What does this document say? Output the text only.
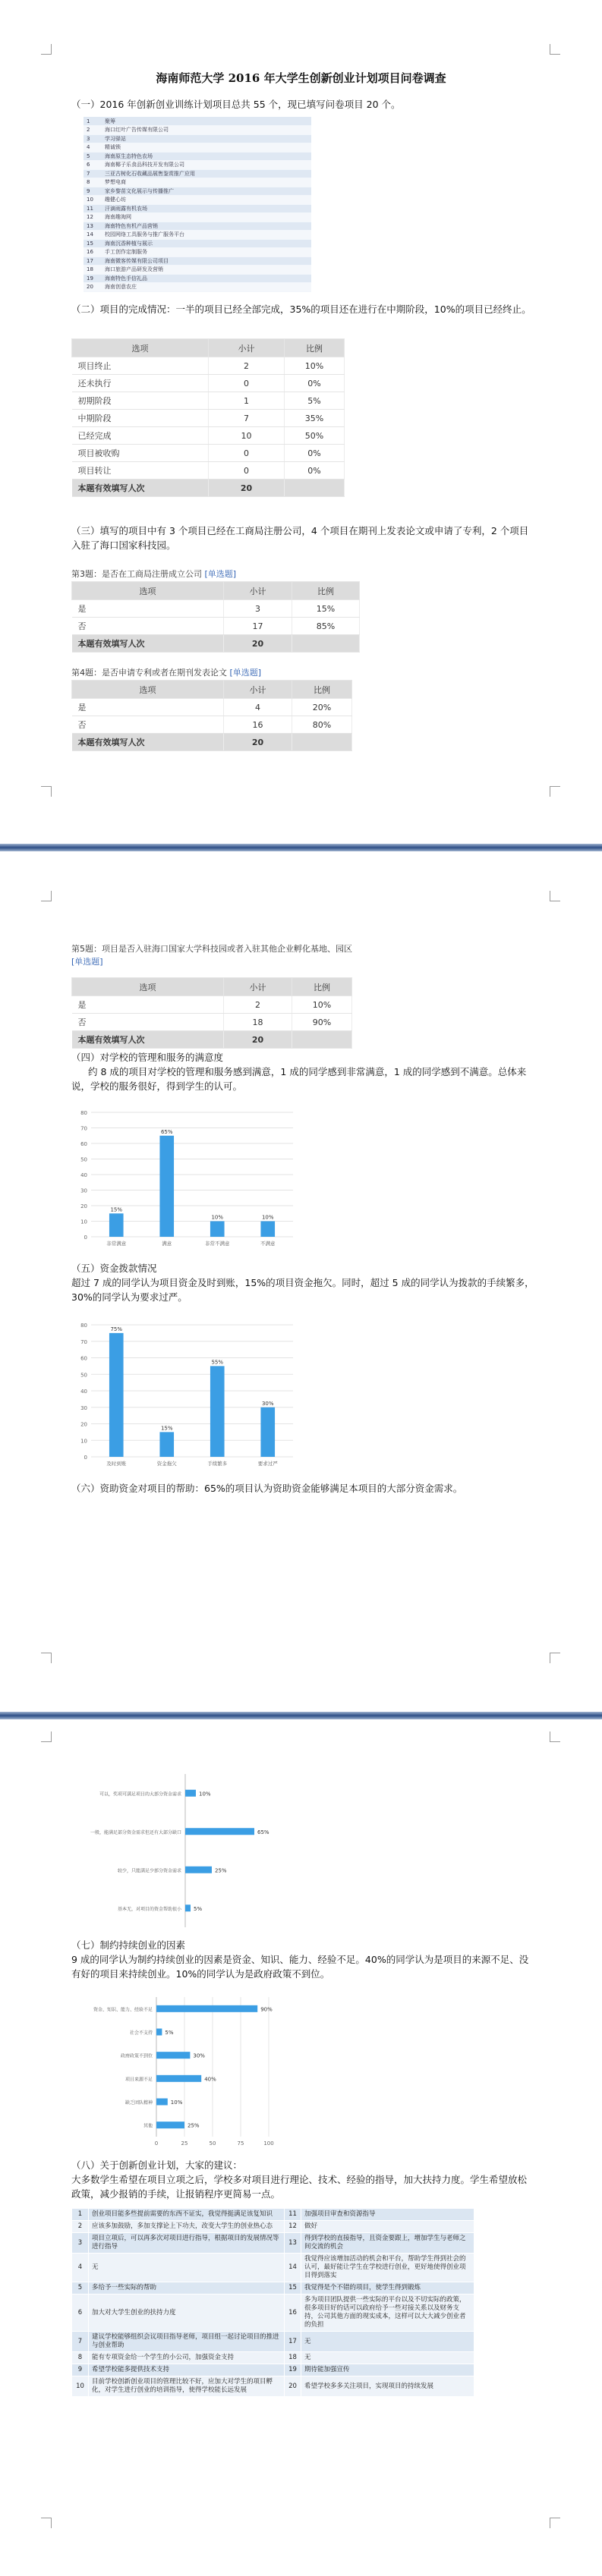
海南师范大学 2016 年大学生创新创业计划项目问卷调查
（一）2016 年创新创业训练计划项目总共 55 个，现已填写问卷项目 20 个。
1	聚筹
2	海口红叶广告传媒有限公司
3	学习驿站
4	精诚锁
5	海南原生态特色农场
6	海南椰子乐食品科技开发有限公司
7	三亚古树化石收藏品展售鉴赏推广应用
8	梦想电商
9	家乡黎苗文化展示与传播推广
10	趣健心坊
11	汗滴雨露有机农场
12	海南趣淘网
13	海南特色有机产品营销
14	校园网络工具服务与推广服务平台
15	海南沉香种植与展示
16	手工创作定制服务
17	海南微客传媒有限公司项目
18	海口旅游产品研发及营销
19	海南特色手信礼品
20	海南创意农庄
（二）项目的完成情况：一半的项目已经全部完成，35%的项目还在进行在中期阶段，10%的项目已经终止。
选项	小计	比例
项目终止	2	10%
还未执行	0	0%
初期阶段	1	5%
中期阶段	7	35%
已经完成	10	50%
项目被收购	0	0%
项目转让	0	0%
本题有效填写人次	20	
（三）填写的项目中有 3 个项目已经在工商局注册公司，4 个项目在期刊上发表论文或申请了专利，2 个项目入驻了海口国家科技园。
第3题：是否在工商局注册成立公司 [单选题]
选项	小计	比例
是	3	15%
否	17	85%
本题有效填写人次	20	
第4题：是否申请专利或者在期刊发表论文 [单选题]
选项	小计	比例
是	4	20%
否	16	80%
本题有效填写人次	20	
第5题：项目是否入驻海口国家大学科技园或者入驻其他企业孵化基地、园区 [单选题]
选项	小计	比例
是	2	10%
否	18	90%
本题有效填写人次	20	
（四）对学校的管理和服务的满意度
约 8 成的项目对学校的管理和服务感到满意，1 成的同学感到非常满意，1 成的同学感到不满意。总体来说，学校的服务很好，得到学生的认可。
0
10
20
30
40
50
60
70
80
15%
非常满意
65%
满意
10%
非常不满意
10%
不满意
（五）资金拨款情况
超过 7 成的同学认为项目资金及时到账，15%的项目资金拖欠。同时，超过 5 成的同学认为拨款的手续繁多，30%的同学认为要求过严。
0
10
20
30
40
50
60
70
80
75%
及时到账
15%
资金拖欠
55%
手续繁多
30%
要求过严
（六）资助资金对项目的帮助：65%的项目认为资助资金能够满足本项目的大部分资金需求。
10%
可以，奖项可满足项目的大部分资金需求
65%
一般，能满足部分资金需求但还有大部分缺口
25%
较少，只能满足少部分资金需求
5%
基本无，对项目的资金帮助很小
（七）制约持续创业的因素
9 成的同学认为制约持续创业的因素是资金、知识、能力、经验不足。40%的同学认为是项目的来源不足、没有好的项目来持续创业。10%的同学认为是政府政策不到位。
0	25	50	75	100
90%
资金、知识、能力、经验不足
5%
社会不支持
30%
政府政策不到位
40%
项目来源不足
10%
缺乏团队精神
25%
其他
（八）关于创新创业计划，大家的建议：
大多数学生希望在项目立项之后，学校多对项目进行理论、技术、经验的指导，加大扶持力度。学生希望放松政策，减少报销的手续，让报销程序更简易一点。
1	创业项目能多些提前需要的东西不证实，我觉得挺满足该复知识	11	加强项目审查和资源指导
2	应该多加鼓励，多加支撑论上下功夫，改变大学生的创业热心态	12	做好
3	项目立项后，可以再多次对项目进行指导，根据项目的发展情况等进行指导	13	得到学校的直接指导，且资金要跟上，增加学生与老师之间交流的机会
4	无	14	我觉得应该增加活动的机会和平台，帮助学生得到社会的认可，最好能让学生在学校进行创业，更好地使得创业项目得到落实
5	多给予一些实际的帮助	15	我觉得是个不错的项目，使学生得到锻炼
6	加大对大学生创业的扶持力度	16	多为项目团队提供一些实际的平台以及不切实际的政策，很多项目好的话可以政府给予一些对接关系以及财务支持，公司其他方面的现实成本，这样可以大大减少创业者的负担
7	建议学校能够组织会议项目指导老师，项目组一起讨论项目的推进与创业帮助	17	无
8	能有专项资金给一个学生的小公司，加强资金支持	18	无
9	希望学校能多提供技术支持	19	期待能加强宣传
10	目前学校创新创业项目的管理比较不好，应加大对学生的项目孵化，对学生进行创业的培训指导，使得学校能长远发展	20	希望学校多多关注项目，实现项目的持续发展
